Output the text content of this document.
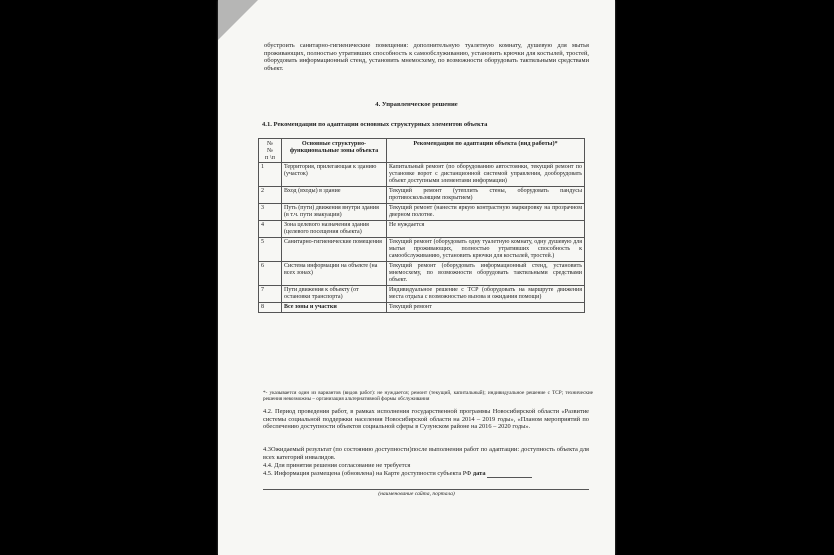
обустроить санитарно-гигиенические помещения: дополнительную туалетную комнату, душевую для мытья проживающих, полностью утративших способность к самообслуживанию, установить крючки для костылей, тростей, оборудовать информационный стенд, установить мнемосхему, по возможности оборудовать тактильными средствами объект.
4. Управленческое решение
4.1. Рекомендации по адаптации основных структурных элементов объекта
№
№
п \п	Основные структурно-функциональные зоны объекта	Рекомендации по адаптации объекта (вид работы)*
1	Территория, прилегающая к зданию (участок)	Капитальный ремонт (по оборудованию автостоянки, текущий ремонт по установке ворот с дистанционной системой управления, дооборудовать объект доступными элементами информации)
2	Вход (входы) в здание	Текущий ремонт (утеплить стены, оборудовать пандусы противоскользящим покрытием)
3	Путь (пути) движения внутри здания (в т.ч. пути эвакуации)	Текущий ремонт (нанести яркую контрастную маркировку на прозрачном дверном полотне.
4	Зона целевого назначения здания (целевого посещения объекта)	Не нуждается
5	Санитарно-гигиенические помещения	Текущий ремонт (оборудовать одну туалетную комнату, одну душевую для мытья проживающих, полностью утративших способность к самообслуживанию, установить крючки для костылей, тростей.)
6	Система информации на объекте (на всех зонах)	Текущий ремонт (оборудовать информационный стенд, установить мнемосхему, по возможности оборудовать тактильными средствами объект.
7	Пути движения к объекту (от остановки транспорта)	Индивидуальное решение с ТСР (оборудовать на маршруте движения места отдыха с возможностью вызова и ожидания помощи)
8	Все зоны и участки	Текущий ремонт
*- указывается один из вариантов (видов работ): не нуждается; ремонт (текущий, капитальный); индивидуальное решение с ТСР; технические решения невозможны – организация альтернативной формы обслуживания
4.2. Период проведения работ, в рамках исполнения государственной программы Новосибирской области «Развитие системы социальной поддержки населения Новосибирской области на 2014 – 2019 годы», «Планом мероприятий по обеспечению доступности объектов социальной сферы в Сузунском районе на 2016 – 2020 годы».
4.3Ожидаемый результат (по состоянию доступности)после выполнения работ по адаптации: доступность объекта для всех категорий инвалидов.
4.4. Для принятия решения согласование не требуется
4.5. Информация размещена (обновлена) на Карте доступности субъекта РФ дата
(наименование сайта, портала)
